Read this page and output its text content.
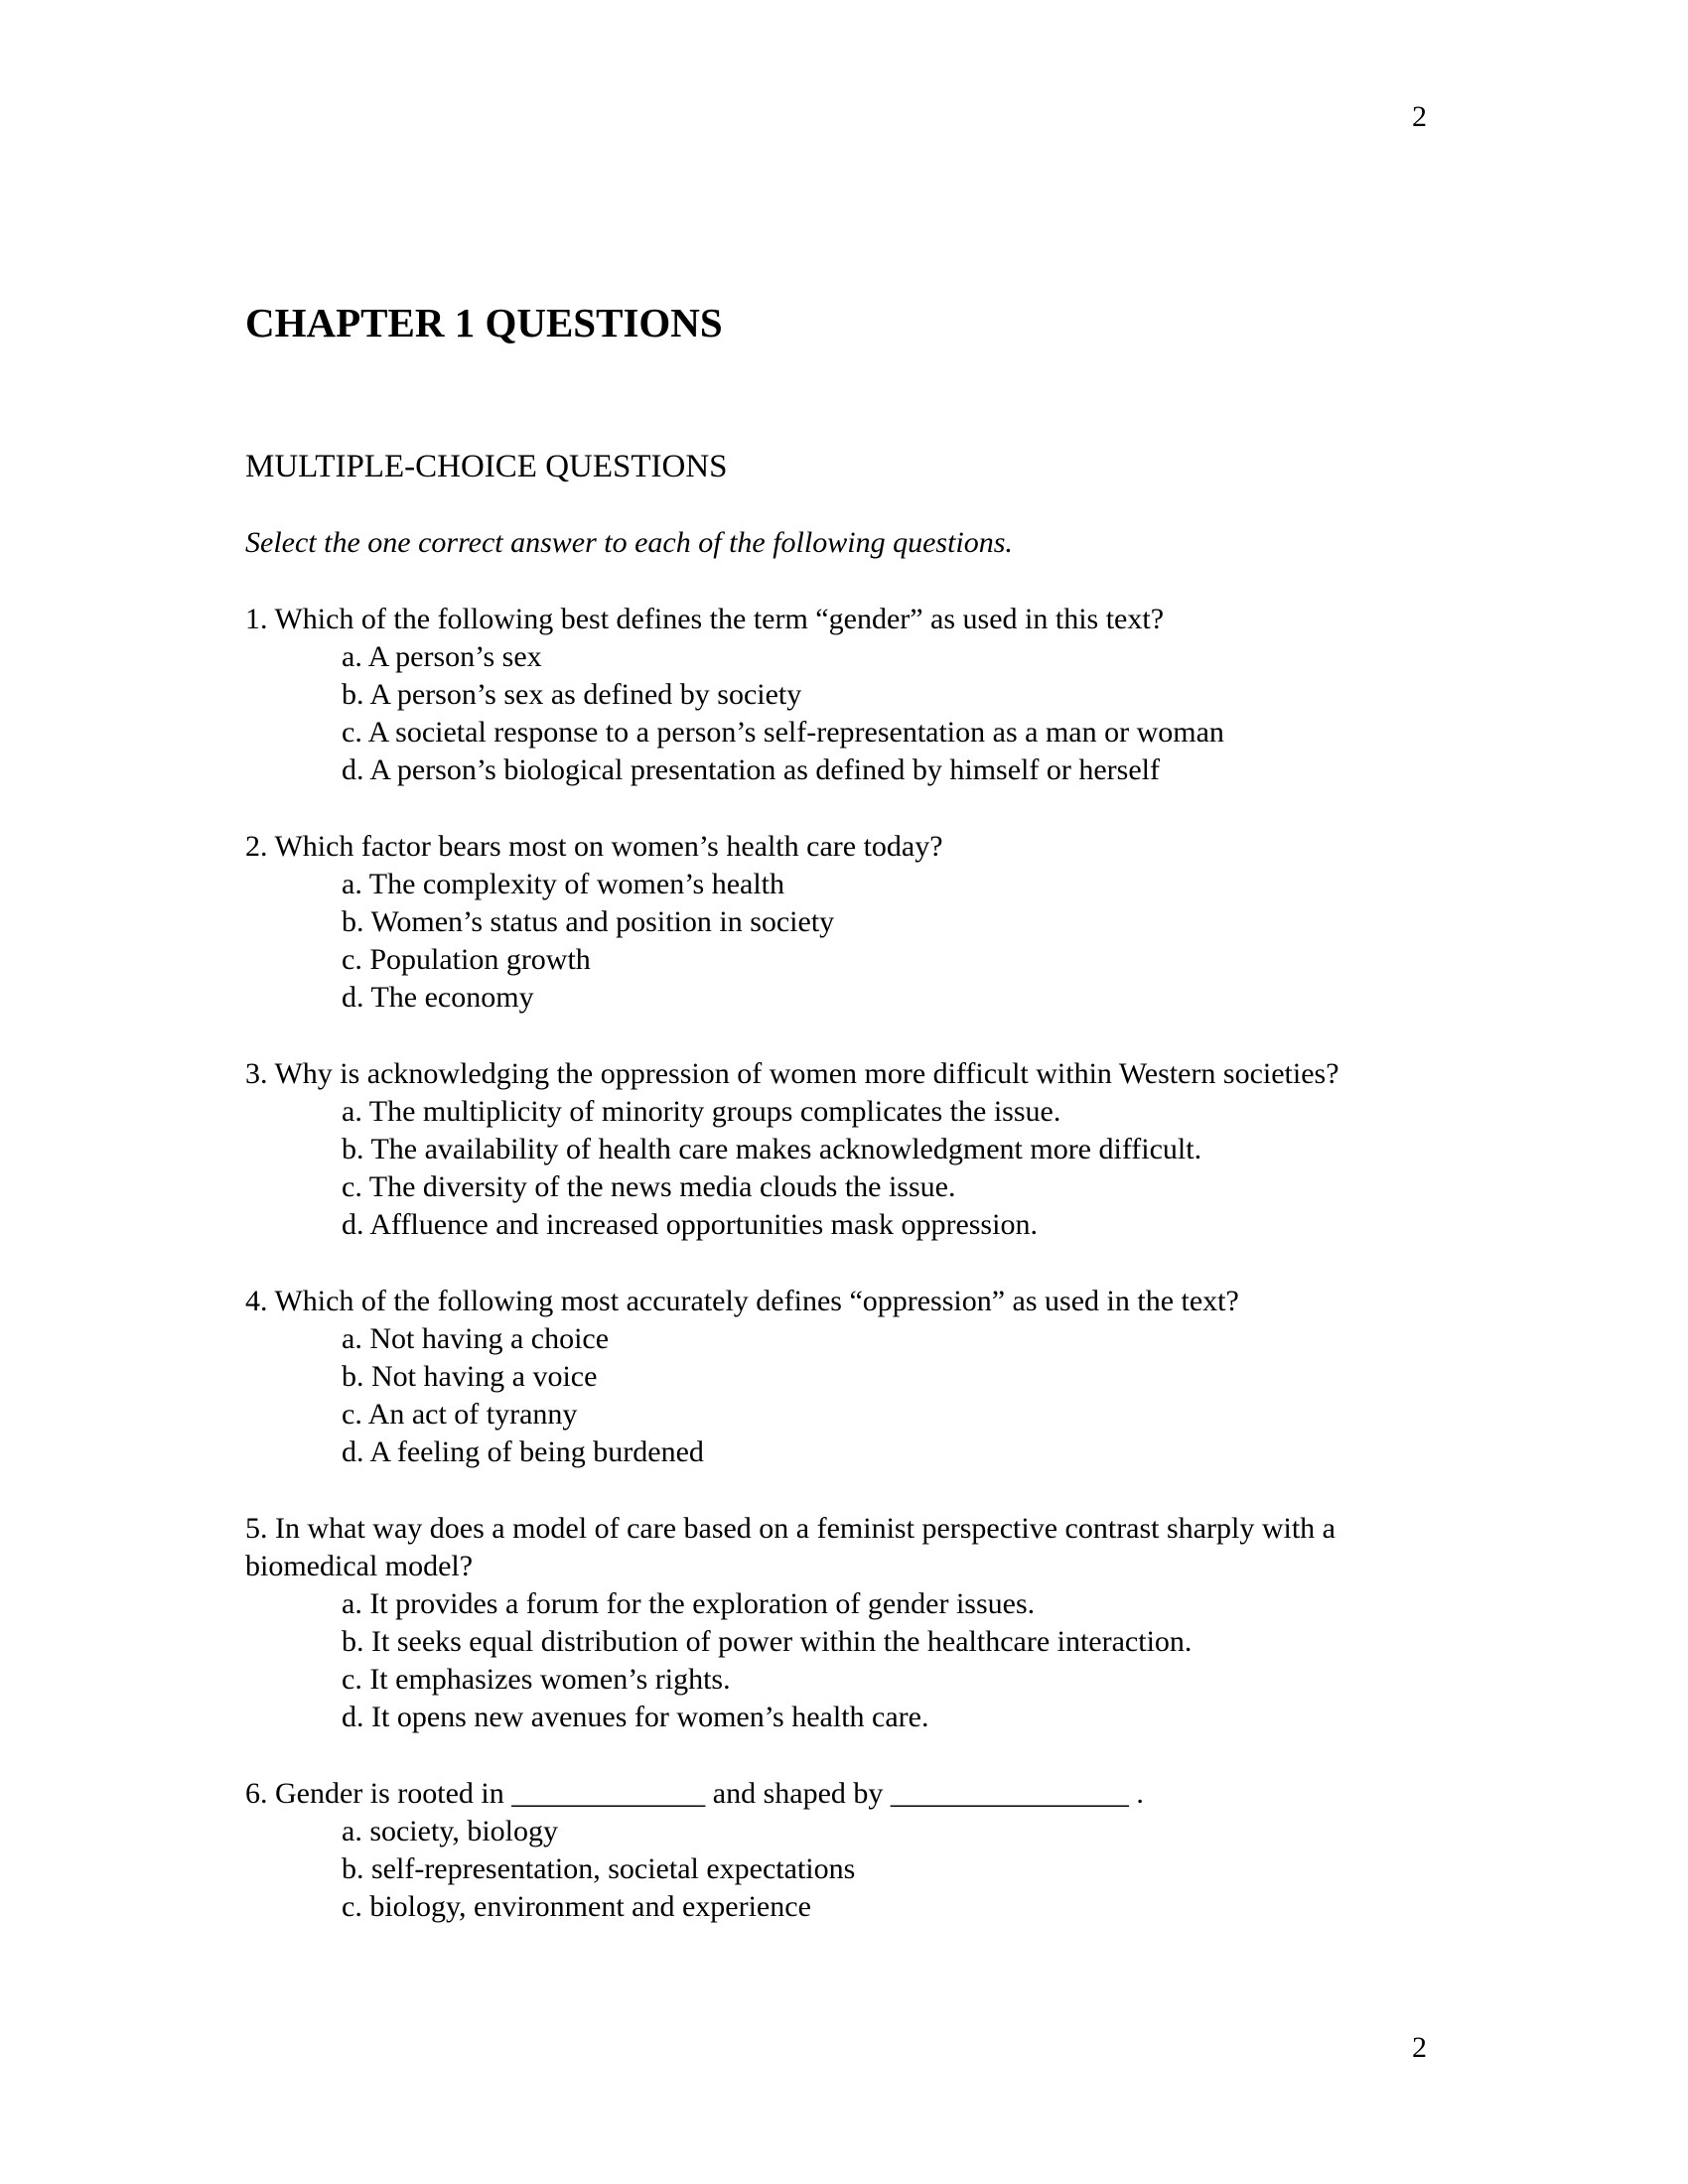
2
CHAPTER 1 QUESTIONS
MULTIPLE-CHOICE QUESTIONS
Select the one correct answer to each of the following questions.
1. Which of the following best defines the term “gender” as used in this text?
a. A person’s sex
b. A person’s sex as defined by society
c. A societal response to a person’s self-representation as a man or woman
d. A person’s biological presentation as defined by himself or herself
2. Which factor bears most on women’s health care today?
a. The complexity of women’s health
b. Women’s status and position in society
c. Population growth
d. The economy
3. Why is acknowledging the oppression of women more difficult within Western societies?
a. The multiplicity of minority groups complicates the issue.
b. The availability of health care makes acknowledgment more difficult.
c. The diversity of the news media clouds the issue.
d. Affluence and increased opportunities mask oppression.
4. Which of the following most accurately defines “oppression” as used in the text?
a. Not having a choice
b. Not having a voice
c. An act of tyranny
d. A feeling of being burdened
5. In what way does a model of care based on a feminist perspective contrast sharply with a biomedical model?
a. It provides a forum for the exploration of gender issues.
b. It seeks equal distribution of power within the healthcare interaction.
c. It emphasizes women’s rights.
d. It opens new avenues for women’s health care.
6. Gender is rooted in _____________ and shaped by ________________ .
a. society, biology
b. self-representation, societal expectations
c. biology, environment and experience
2
